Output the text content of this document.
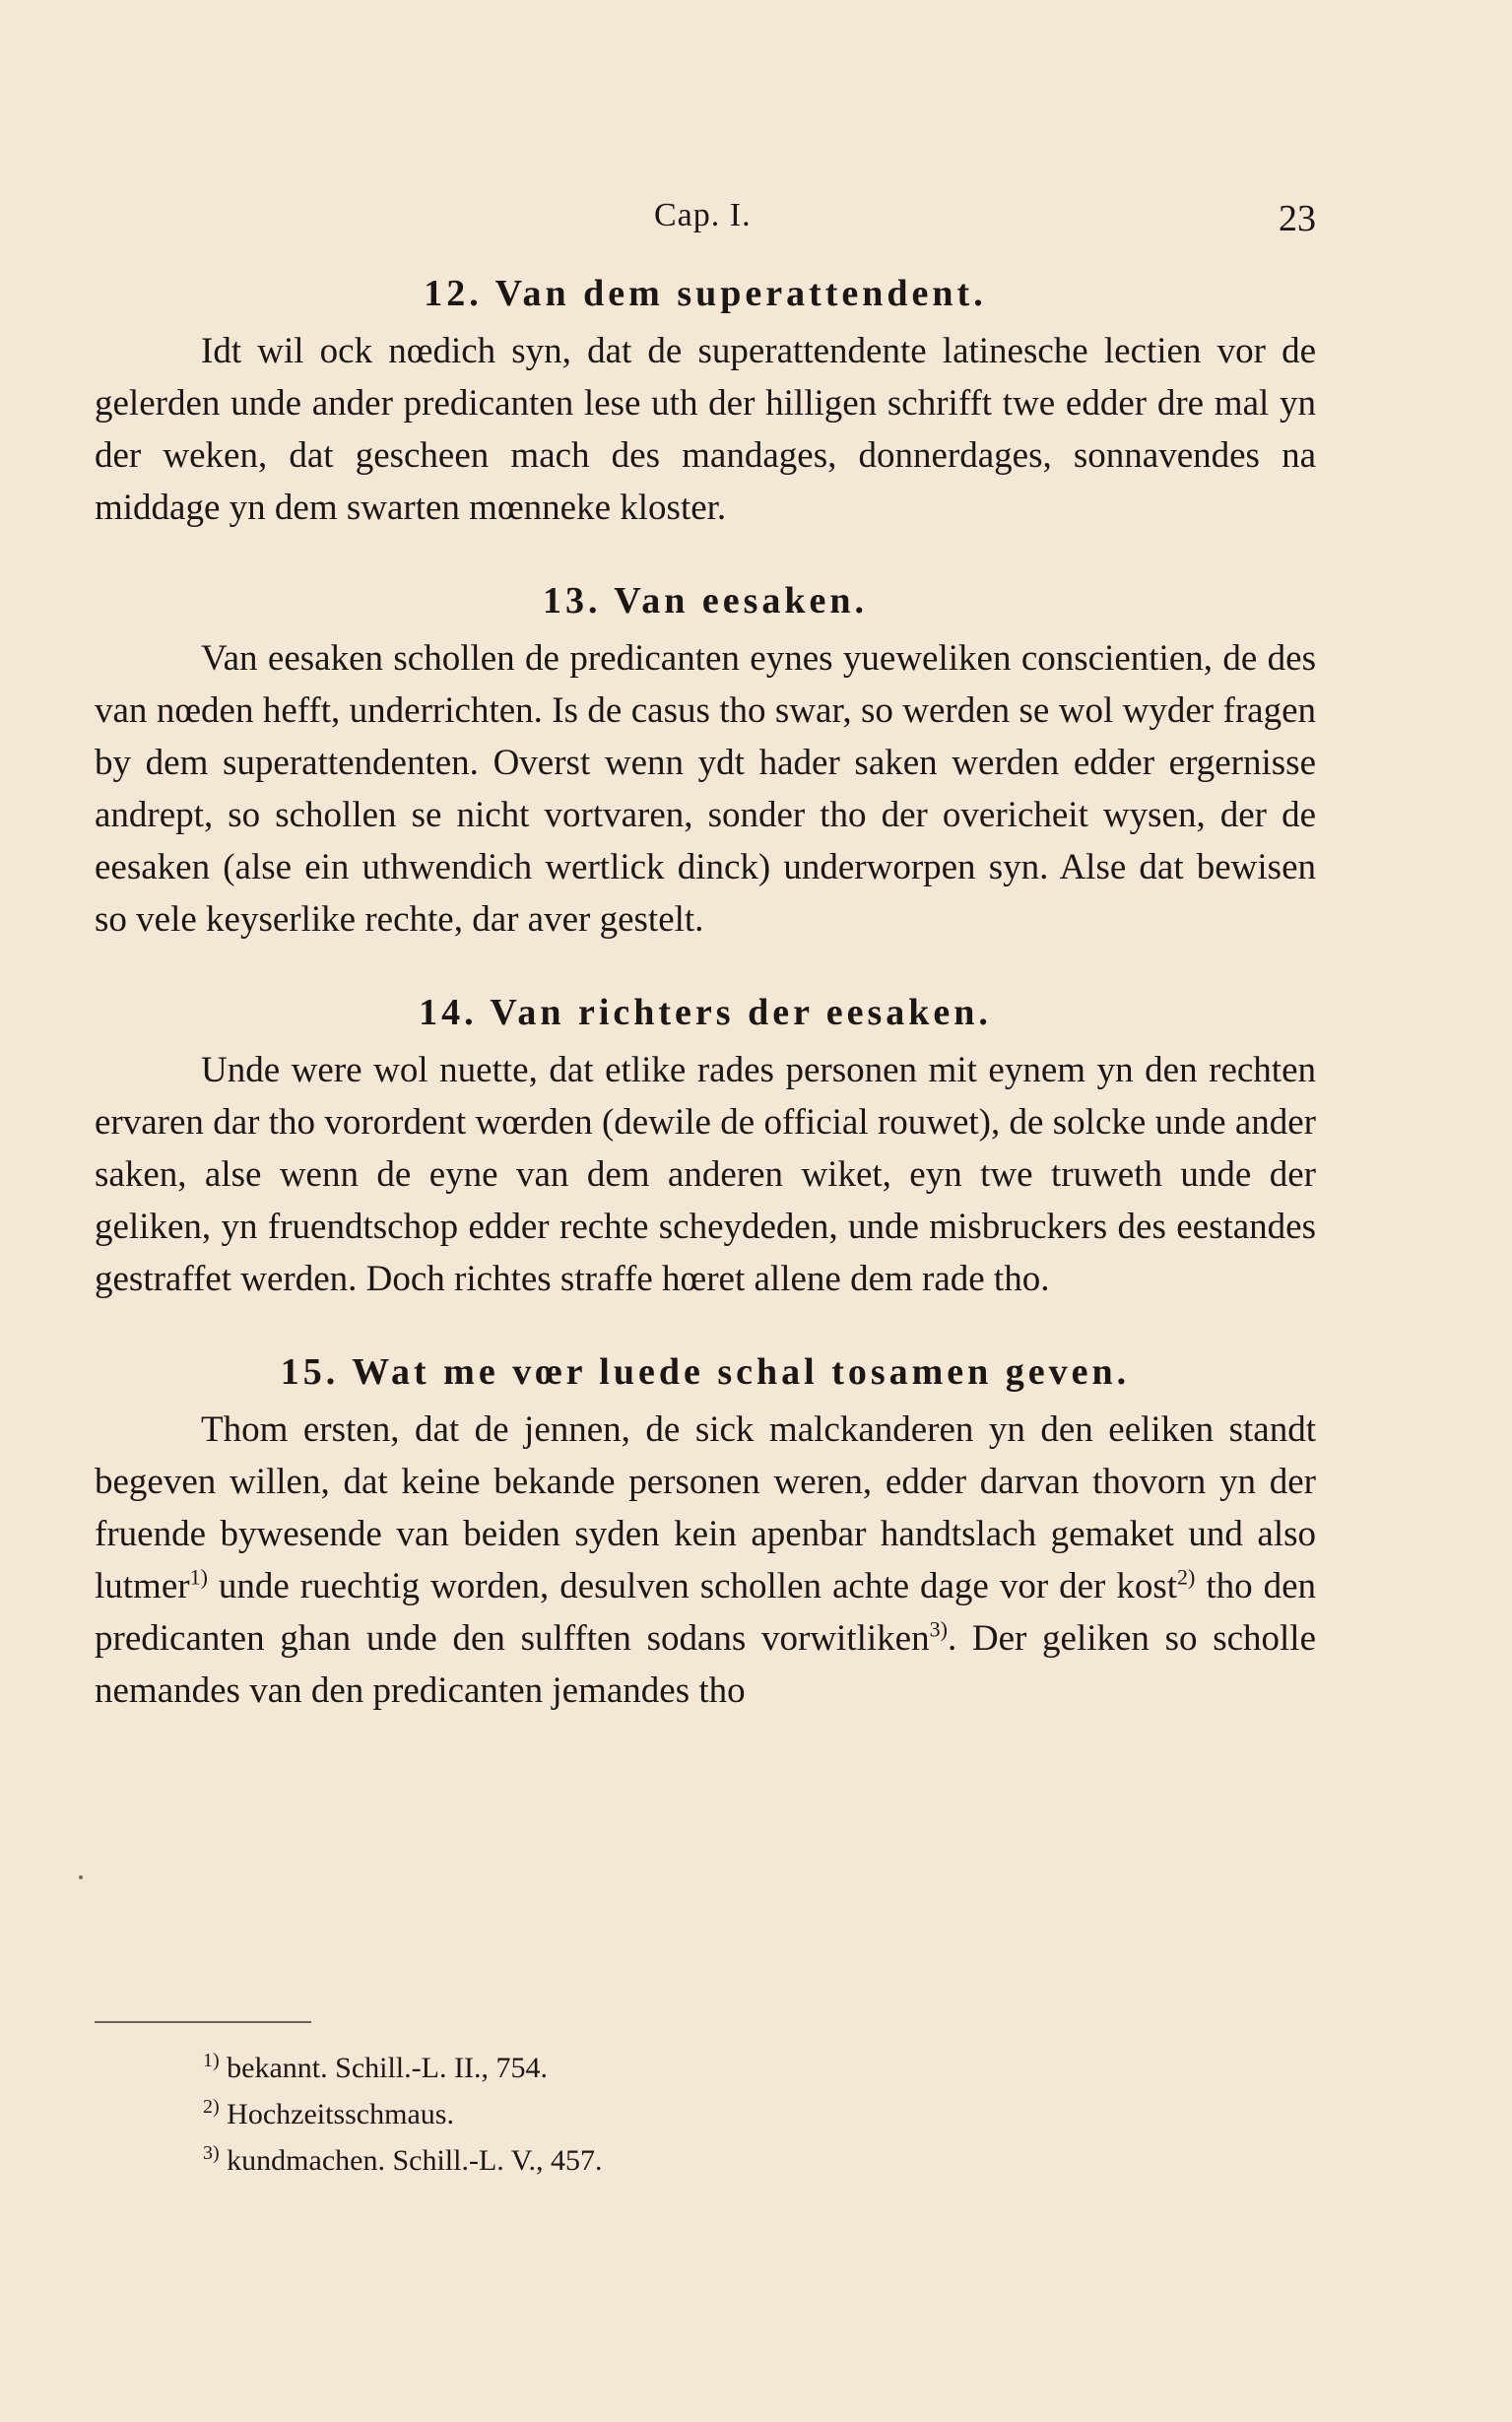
Cap. I.	23
12. Van dem superattendent.

Idt wil ock nœdich syn, dat de superattendente latinesche lectien vor de gelerden unde ander predicanten lese uth der hilligen schrifft twe edder dre mal yn der weken, dat gescheen mach des mandages, donnerdages, sonnavendes na middage yn dem swarten mœnneke kloster.

13. Van eesaken.

Van eesaken schollen de predicanten eynes yueweliken conscientien, de des van nœden hefft, underrichten. Is de casus tho swar, so werden se wol wyder fragen by dem superattendenten. Overst wenn ydt hader saken werden edder ergernisse andrept, so schollen se nicht vortvaren, sonder tho der overicheit wysen, der de eesaken (alse ein uthwendich wertlick dinck) underworpen syn. Alse dat bewisen so vele keyserlike rechte, dar aver gestelt.

14. Van richters der eesaken.

Unde were wol nuette, dat etlike rades personen mit eynem yn den rechten ervaren dar tho vorordent wœrden (dewile de official rouwet), de solcke unde ander saken, alse wenn de eyne van dem anderen wiket, eyn twe truweth unde der geliken, yn fruendtschop edder rechte scheydeden, unde misbruckers des eestandes gestraffet werden. Doch richtes straffe hœret allene dem rade tho.

15. Wat me vœr luede schal tosamen geven.

Thom ersten, dat de jennen, de sick malckanderen yn den eeliken standt begeven willen, dat keine bekande personen weren, edder darvan thovorn yn der fruende bywesende van beiden syden kein apenbar handtslach gemaket und also lutmer$^{1)}$ unde ruechtig worden, desulven schollen achte dage vor der kost$^{2)}$ tho den predicanten ghan unde den sulfften sodans vorwitliken$^{3)}$. Der geliken so scholle nemandes van den predicanten jemandes tho

$^{1)}$ bekannt. Schill.-L. II., 754.
$^{2)}$ Hochzeitsschmaus.
$^{3)}$ kundmachen. Schill.-L. V., 457.
